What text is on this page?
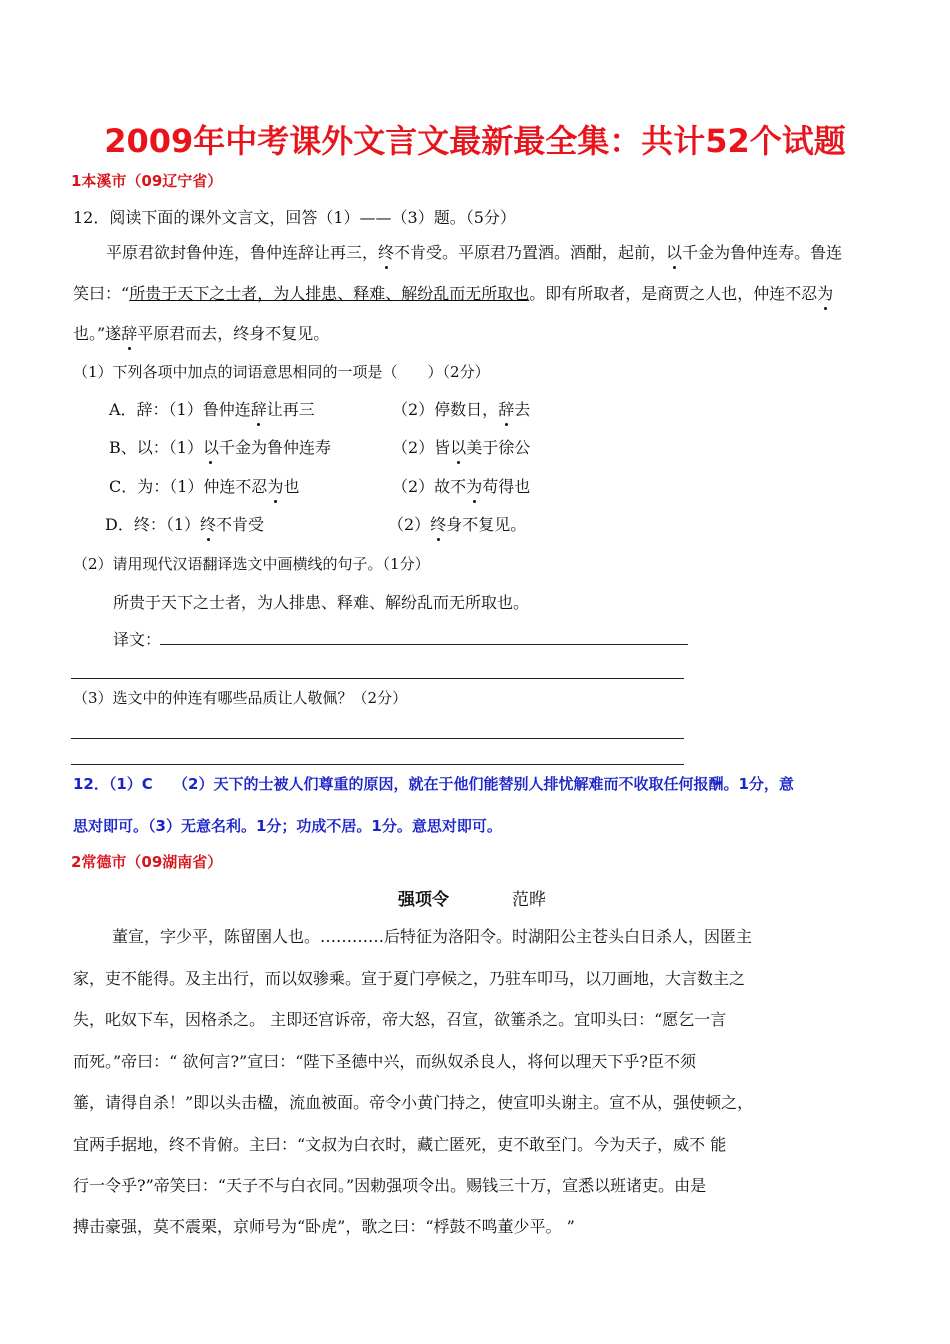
2009年中考课外文言文最新最全集：共计52个试题
1本溪市（09辽宁省）
12．阅读下面的课外文言文，回答（1）——（3）题。（5分）
平原君欲封鲁仲连，鲁仲连辞让再三，终不肯受。平原君乃置酒。酒酣，起前，以千金为鲁仲连寿。鲁连
笑曰：“所贵于天下之士者，为人排患、释难、解纷乱而无所取也。即有所取者，是商贾之人也，仲连不忍为
也。”遂辞平原君而去，终身不复见。
（1）下列各项中加点的词语意思相同的一项是（　　）（2分）
A．辞：（1）鲁仲连辞让再三	（2）停数日，辞去
B、以：（1）以千金为鲁仲连寿	（2）皆以美于徐公
C．为：（1）仲连不忍为也	（2）故不为苟得也
D．终：（1）终不肯受	（2）终身不复见。
（2）请用现代汉语翻译选文中画横线的句子。（1分）
所贵于天下之士者，为人排患、释难、解纷乱而无所取也。
译文：
（3）选文中的仲连有哪些品质让人敬佩？（2分）
12．（1）C　 （2）天下的士被人们尊重的原因，就在于他们能替别人排忧解难而不收取任何报酬。1分，意
思对即可。（3）无意名利。1分；功成不居。1分。意思对即可。
2常德市（09湖南省）
强项令	范晔
董宣，字少平，陈留圉人也。…………后特征为洛阳令。时湖阳公主苍头白日杀人，因匿主
家，吏不能得。及主出行，而以奴骖乘。宣于夏门亭候之，乃驻车叩马，以刀画地，大言数主之
失，叱奴下车，因格杀之。 主即还宫诉帝，帝大怒，召宣，欲箠杀之。宜叩头曰：“愿乞一言
而死。”帝曰：“ 欲何言?”宣曰：“陛下圣德中兴，而纵奴杀良人，将何以理天下乎?臣不须
箠，请得自杀！”即以头击楹，流血被面。帝令小黄门持之，使宣叩头谢主。宣不从，强使顿之，
宜两手据地，终不肯俯。主曰：“文叔为白衣时，藏亡匿死，吏不敢至门。今为天子，威不 能
行一令乎?”帝笑曰：“天子不与白衣同。”因勅强项令出。赐钱三十万，宣悉以班诸吏。由是
搏击豪强，莫不震栗，京师号为“卧虎”，歌之曰：“桴鼓不鸣董少平。 ”
